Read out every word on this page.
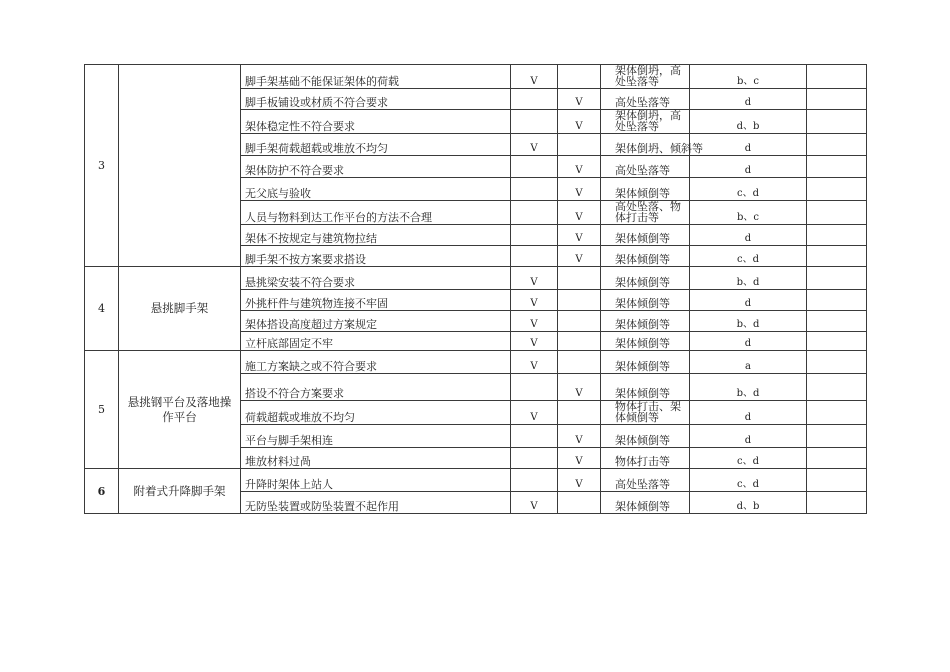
3		脚手架基础不能保证架体的荷载	V		架体倒坍，高处坠落等	b、c	
		脚手板铺设或材质不符合要求		V	高处坠落等	d	
		架体稳定性不符合要求		V	架体倒坍，高处坠落等	d、b	
		脚手架荷载超载或堆放不均匀	V		架体倒坍、倾斜等	d	
		架体防护不符合要求		V	高处坠落等	d	
		无父底与验收		V	架体倾倒等	c、d	
		人员与物料到达工作平台的方法不合理		V	高处坠落、物体打击等	b、c	
		架体不按规定与建筑物拉结		V	架体倾倒等	d	
		脚手架不按方案要求搭设		V	架体倾倒等	c、d	
4	悬挑脚手架	悬挑梁安装不符合要求	V		架体倾倒等	b、d	
		外挑杆件与建筑物连接不牢固	V		架体倾倒等	d	
		架体搭设高度超过方案规定	V		架体倾倒等	b、d	
		立杆底部固定不牢	V		架体倾倒等	d	
5	悬挑钢平台及落地操作平台	施工方案缺之或不符合要求	V		架体倾倒等	a	
		搭设不符合方案要求		V	架体倾倒等	b、d	
		荷载超载或堆放不均匀	V		物体打击、架体倾倒等	d	
		平台与脚手架相连		V	架体倾倒等	d	
		堆放材料过咼		V	物体打击等	c、d	
6	附着式升降脚手架	升降时架体上站人		V	高处坠落等	c、d	
		无防坠装置或防坠装置不起作用	V		架体倾倒等	d、b	
